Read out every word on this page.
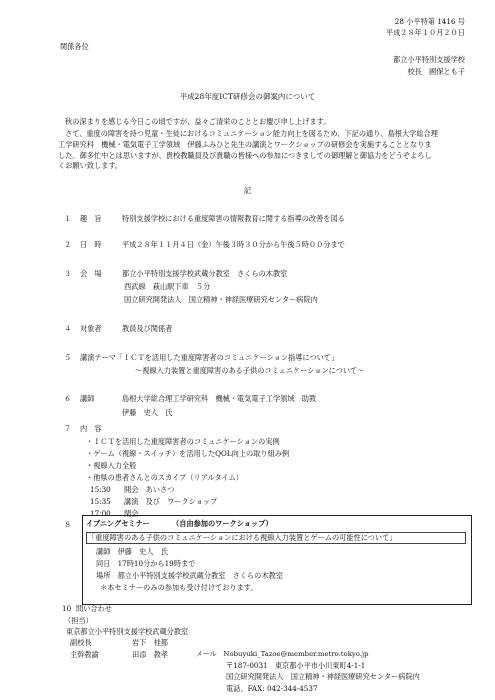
28 小平特第 1416 号
平成２８年１０月２０日
関係各位
都立小平特別支援学校
校長　國保とも子
平成28年度ICT研修会の御案内について
秋の深まりを感じる今日この頃ですが、益々ご清栄のこととお慶び申し上げます。
さて、重度の障害を持つ児童・生徒におけるコミュニケーション能力向上を図るため、下記の通り、島根大学総合理工学研究科　機械・電気電子工学領域　伊藤ふみひと先生の講演とワークショップの研修会を実施することとなりました。御多忙中とは思いますが、貴校教職員及び貴職の皆様への参加につきましての御理解と御協力をどうぞよろしくお願い致します。
記
１ 趣　旨	特別支援学校における重度障害の情報教育に関する指導の改善を図る
２ 日　時	平成２８年１１月４日（金）午後３時３０分から午後５時００分まで
３ 会　場	都立小平特別支援学校武蔵分教室　さくらの木教室
西武線　萩山駅下車　５分
国立研究開発法人　国立精神・神経医療研究センター病院内
４ 対象者	教員及び関係者
５ 講演テーマ「ＩＣＴを活用した重度障害者のコミュニケーション指導について」
～視線入力装置と重度障害のある子供のコミュニケーションについて～
６ 講師	島根大学総合理工学研究科　機械・電気電子工学領域　助教
伊藤　史人　氏
７ 内　容
・ＩＣＴを活用した重度障害者のコミュニケーションの実例
・ゲーム（視線・スイッチ）を活用したQOL向上の取り組み例
・視線入力全般
・他県の患者さんとのスカイプ（リアルタイム）
15:30 開会　あいさつ
15:35 講演　及び　ワークショップ
17:00 閉会
８ イブニングセミナー	（自由参加のワークショップ）
「重度障害のある子供のコミュニケーションにおける視線入力装置とゲームの可能性について」
講師　伊藤　史人　氏
同日　17時10分から19時まで
場所　都立小平特別支援学校武蔵分教室　さくらの木教室
＊本セミナーのみの参加も受け付けております。
10 問い合わせ
（担当）
東京都立小平特別支援学校武蔵分教室
副校長	岩下　桂都
主幹教諭	田添　教孝	メール　Nobuyuki_Tazoe@member.metro.tokyo.jp
〒187-0031　東京都小平市小川東町4-1-1
国立研究開発法人　国立精神・神経医療研究センター病院内
電話、FAX: 042-344-4537
